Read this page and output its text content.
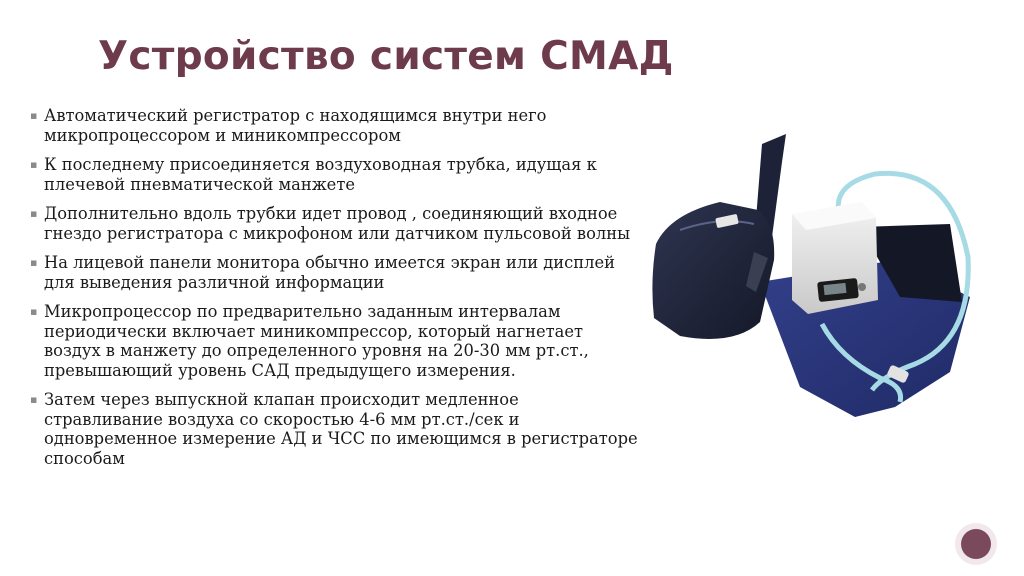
Устройство систем СМАД
▪ Автоматический регистратор с находящимся внутри него микропроцессором и миникомпрессором
▪ К последнему присоединяется воздуховодная трубка, идущая к плечевой пневматической манжете
▪ Дополнительно вдоль трубки идет провод , соединяющий входное гнездо регистратора с микрофоном или датчиком пульсовой волны
▪ На лицевой панели монитора обычно имеется экран или дисплей для выведения различной информации
▪ Микропроцессор по предварительно заданным интервалам периодически включает миникомпрессор, который нагнетает воздух в манжету до определенного уровня на 20-30 мм рт.ст., превышающий уровень САД предыдущего измерения.
▪ Затем через выпускной клапан происходит медленное стравливание воздуха со скоростью 4-6 мм рт.ст./сек и одновременное измерение АД и ЧСС по имеющимся в регистраторе способам
